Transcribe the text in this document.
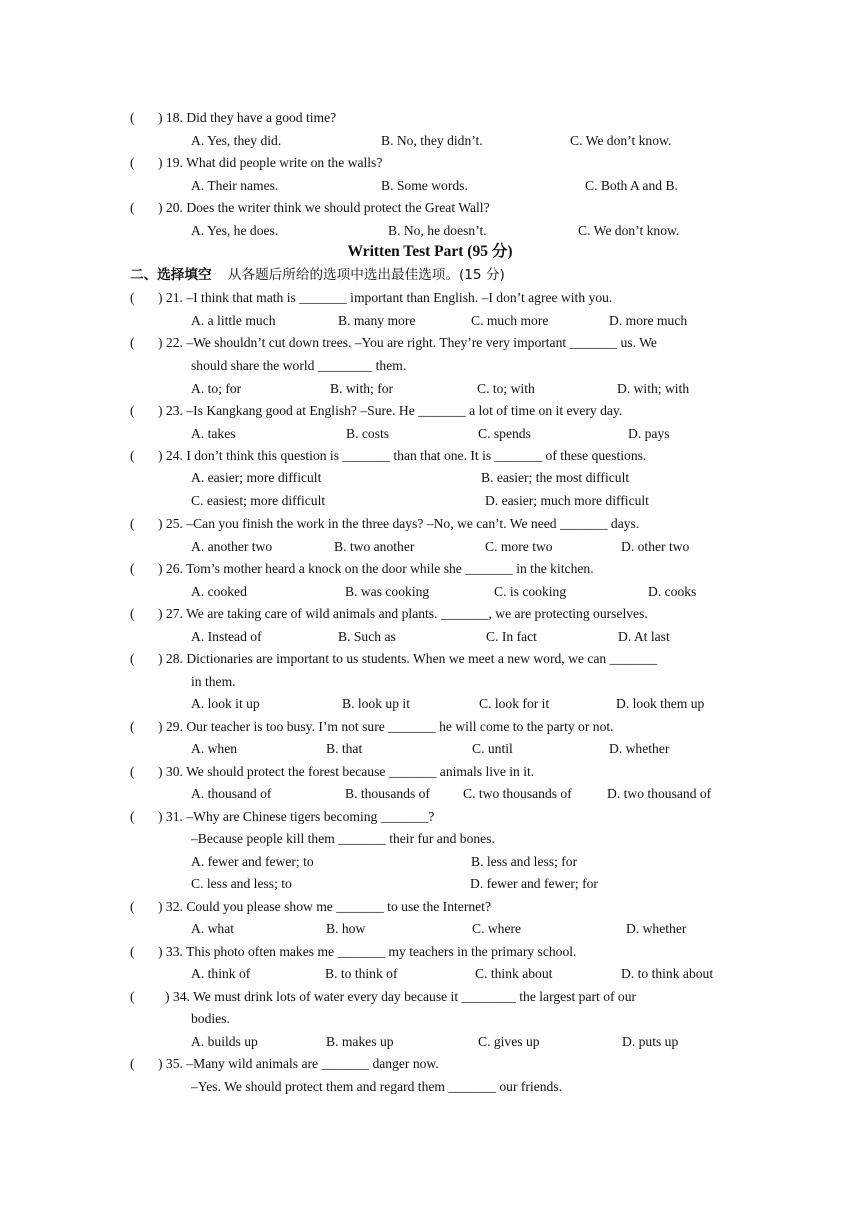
( ) 18. Did they have a good time?
A. Yes, they did.	B. No, they didn’t.	C. We don’t know.
( ) 19. What did people write on the walls?
A. Their names.	B. Some words.	C. Both A and B.
( ) 20. Does the writer think we should protect the Great Wall?
A. Yes, he does.	B. No, he doesn’t.	C. We don’t know.
Written Test Part (95 分)
二、选择填空 从各题后所给的选项中选出最佳选项。(15 分)
( ) 21. –I think that math is _______ important than English. –I don’t agree with you.
A. a little much	B. many more	C. much more	D. more much
( ) 22. –We shouldn’t cut down trees. –You are right. They’re very important _______ us. We
should share the world ________ them.
A. to; for	B. with; for	C. to; with	D. with; with
( ) 23. –Is Kangkang good at English? –Sure. He _______ a lot of time on it every day.
A. takes	B. costs	C. spends	D. pays
( ) 24. I don’t think this question is _______ than that one. It is _______ of these questions.
A. easier; more difficult	B. easier; the most difficult
C. easiest; more difficult	D. easier; much more difficult
( ) 25. –Can you finish the work in the three days? –No, we can’t. We need _______ days.
A. another two	B. two another	C. more two	D. other two
( ) 26. Tom’s mother heard a knock on the door while she _______ in the kitchen.
A. cooked	B. was cooking	C. is cooking	D. cooks
( ) 27. We are taking care of wild animals and plants. _______, we are protecting ourselves.
A. Instead of	B. Such as	C. In fact	D. At last
( ) 28. Dictionaries are important to us students. When we meet a new word, we can _______
in them.
A. look it up	B. look up it	C. look for it	D. look them up
( ) 29. Our teacher is too busy. I’m not sure _______ he will come to the party or not.
A. when	B. that	C. until	D. whether
( ) 30. We should protect the forest because _______ animals live in it.
A. thousand of	B. thousands of C. two thousands of	D. two thousand of
( ) 31. –Why are Chinese tigers becoming _______?
–Because people kill them _______ their fur and bones.
A. fewer and fewer; to	B. less and less; for
C. less and less; to	D. fewer and fewer; for
( ) 32. Could you please show me _______ to use the Internet?
A. what	B. how	C. where	D. whether
( ) 33. This photo often makes me _______ my teachers in the primary school.
A. think of	B. to think of	C. think about	D. to think about
( ) 34. We must drink lots of water every day because it ________ the largest part of our
bodies.
A. builds up	B. makes up	C. gives up	D. puts up
( ) 35. –Many wild animals are _______ danger now.
–Yes. We should protect them and regard them _______ our friends.
